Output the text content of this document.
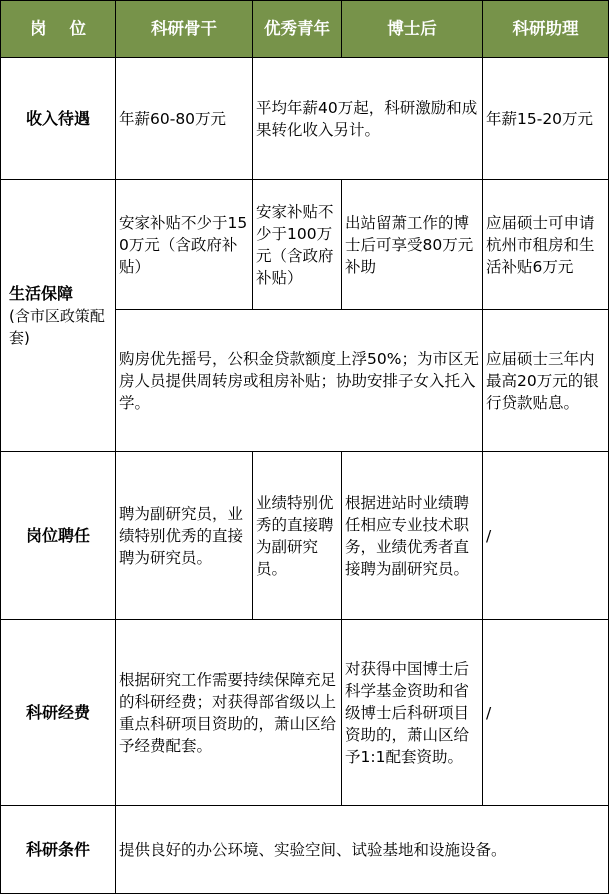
岗    位	科研骨干	优秀青年	博士后	科研助理
收入待遇	年薪60-80万元	平均年薪40万起，科研激励和成果转化收入另计。		年薪15-20万元
生活保障
(含市区政策配套)	安家补贴不少于150万元（含政府补贴）	安家补贴不少于100万元（含政府补贴）	出站留萧工作的博士后可享受80万元补助	应届硕士可申请杭州市租房和生活补贴6万元
	购房优先摇号，公积金贷款额度上浮50%；为市区无房人员提供周转房或租房补贴；协助安排子女入托入学。			应届硕士三年内最高20万元的银行贷款贴息。
岗位聘任	聘为副研究员，业绩特别优秀的直接聘为研究员。	业绩特别优秀的直接聘为副研究员。	根据进站时业绩聘任相应专业技术职务，业绩优秀者直接聘为副研究员。	/
科研经费	根据研究工作需要持续保障充足的科研经费；对获得部省级以上重点科研项目资助的，萧山区给予经费配套。		对获得中国博士后科学基金资助和省级博士后科研项目资助的，萧山区给予1:1配套资助。	/
科研条件	提供良好的办公环境、实验空间、试验基地和设施设备。			
